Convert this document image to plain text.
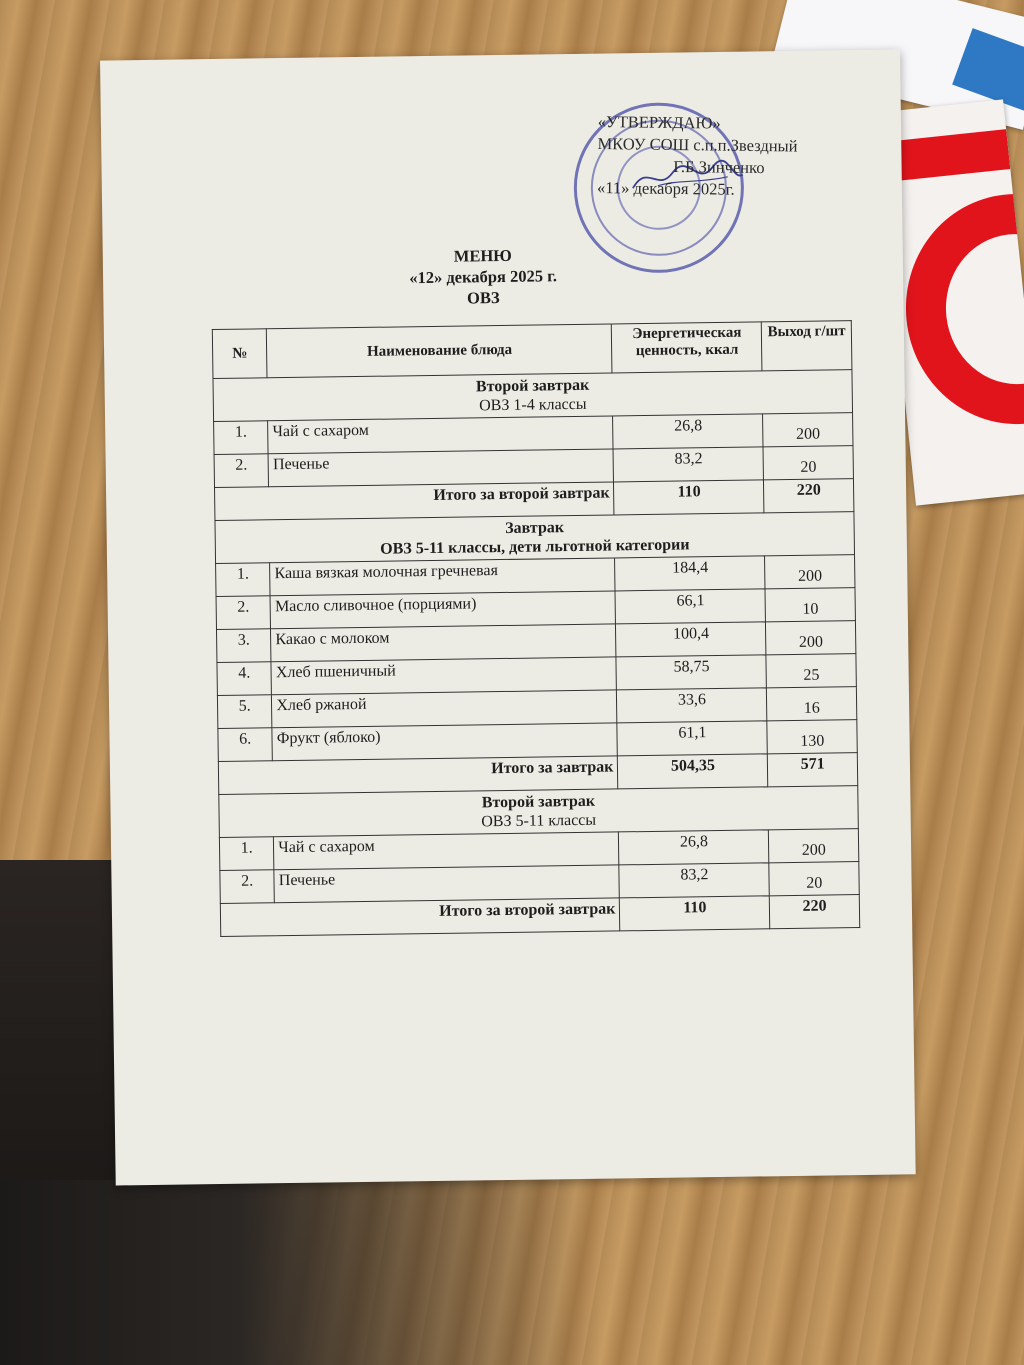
«УТВЕРЖДАЮ»
МКОУ СОШ с.п.п.Звездный
Г.Б.Зинченко
«11» декабря 2025г.
МЕНЮ
«12» декабря 2025 г.
ОВЗ
№	Наименование блюда	Энергетическая ценность, ккал	Выход г/шт

Второй завтрак
ОВЗ 1-4 классы			

1.	Чай с сахаром	26,8	200
2.	Печенье	83,2	20
Итого за второй завтрак		110	220

Завтрак
ОВЗ 5-11 классы, дети льготной категории			

1.	Каша вязкая молочная гречневая	184,4	200
2.	Масло сливочное (порциями)	66,1	10
3.	Какао с молоком	100,4	200
4.	Хлеб пшеничный	58,75	25
5.	Хлеб ржаной	33,6	16
6.	Фрукт (яблоко)	61,1	130
Итого за завтрак		504,35	571

Второй завтрак
ОВЗ 5-11 классы			

1.	Чай с сахаром	26,8	200
2.	Печенье	83,2	20
Итого за второй завтрак		110	220
